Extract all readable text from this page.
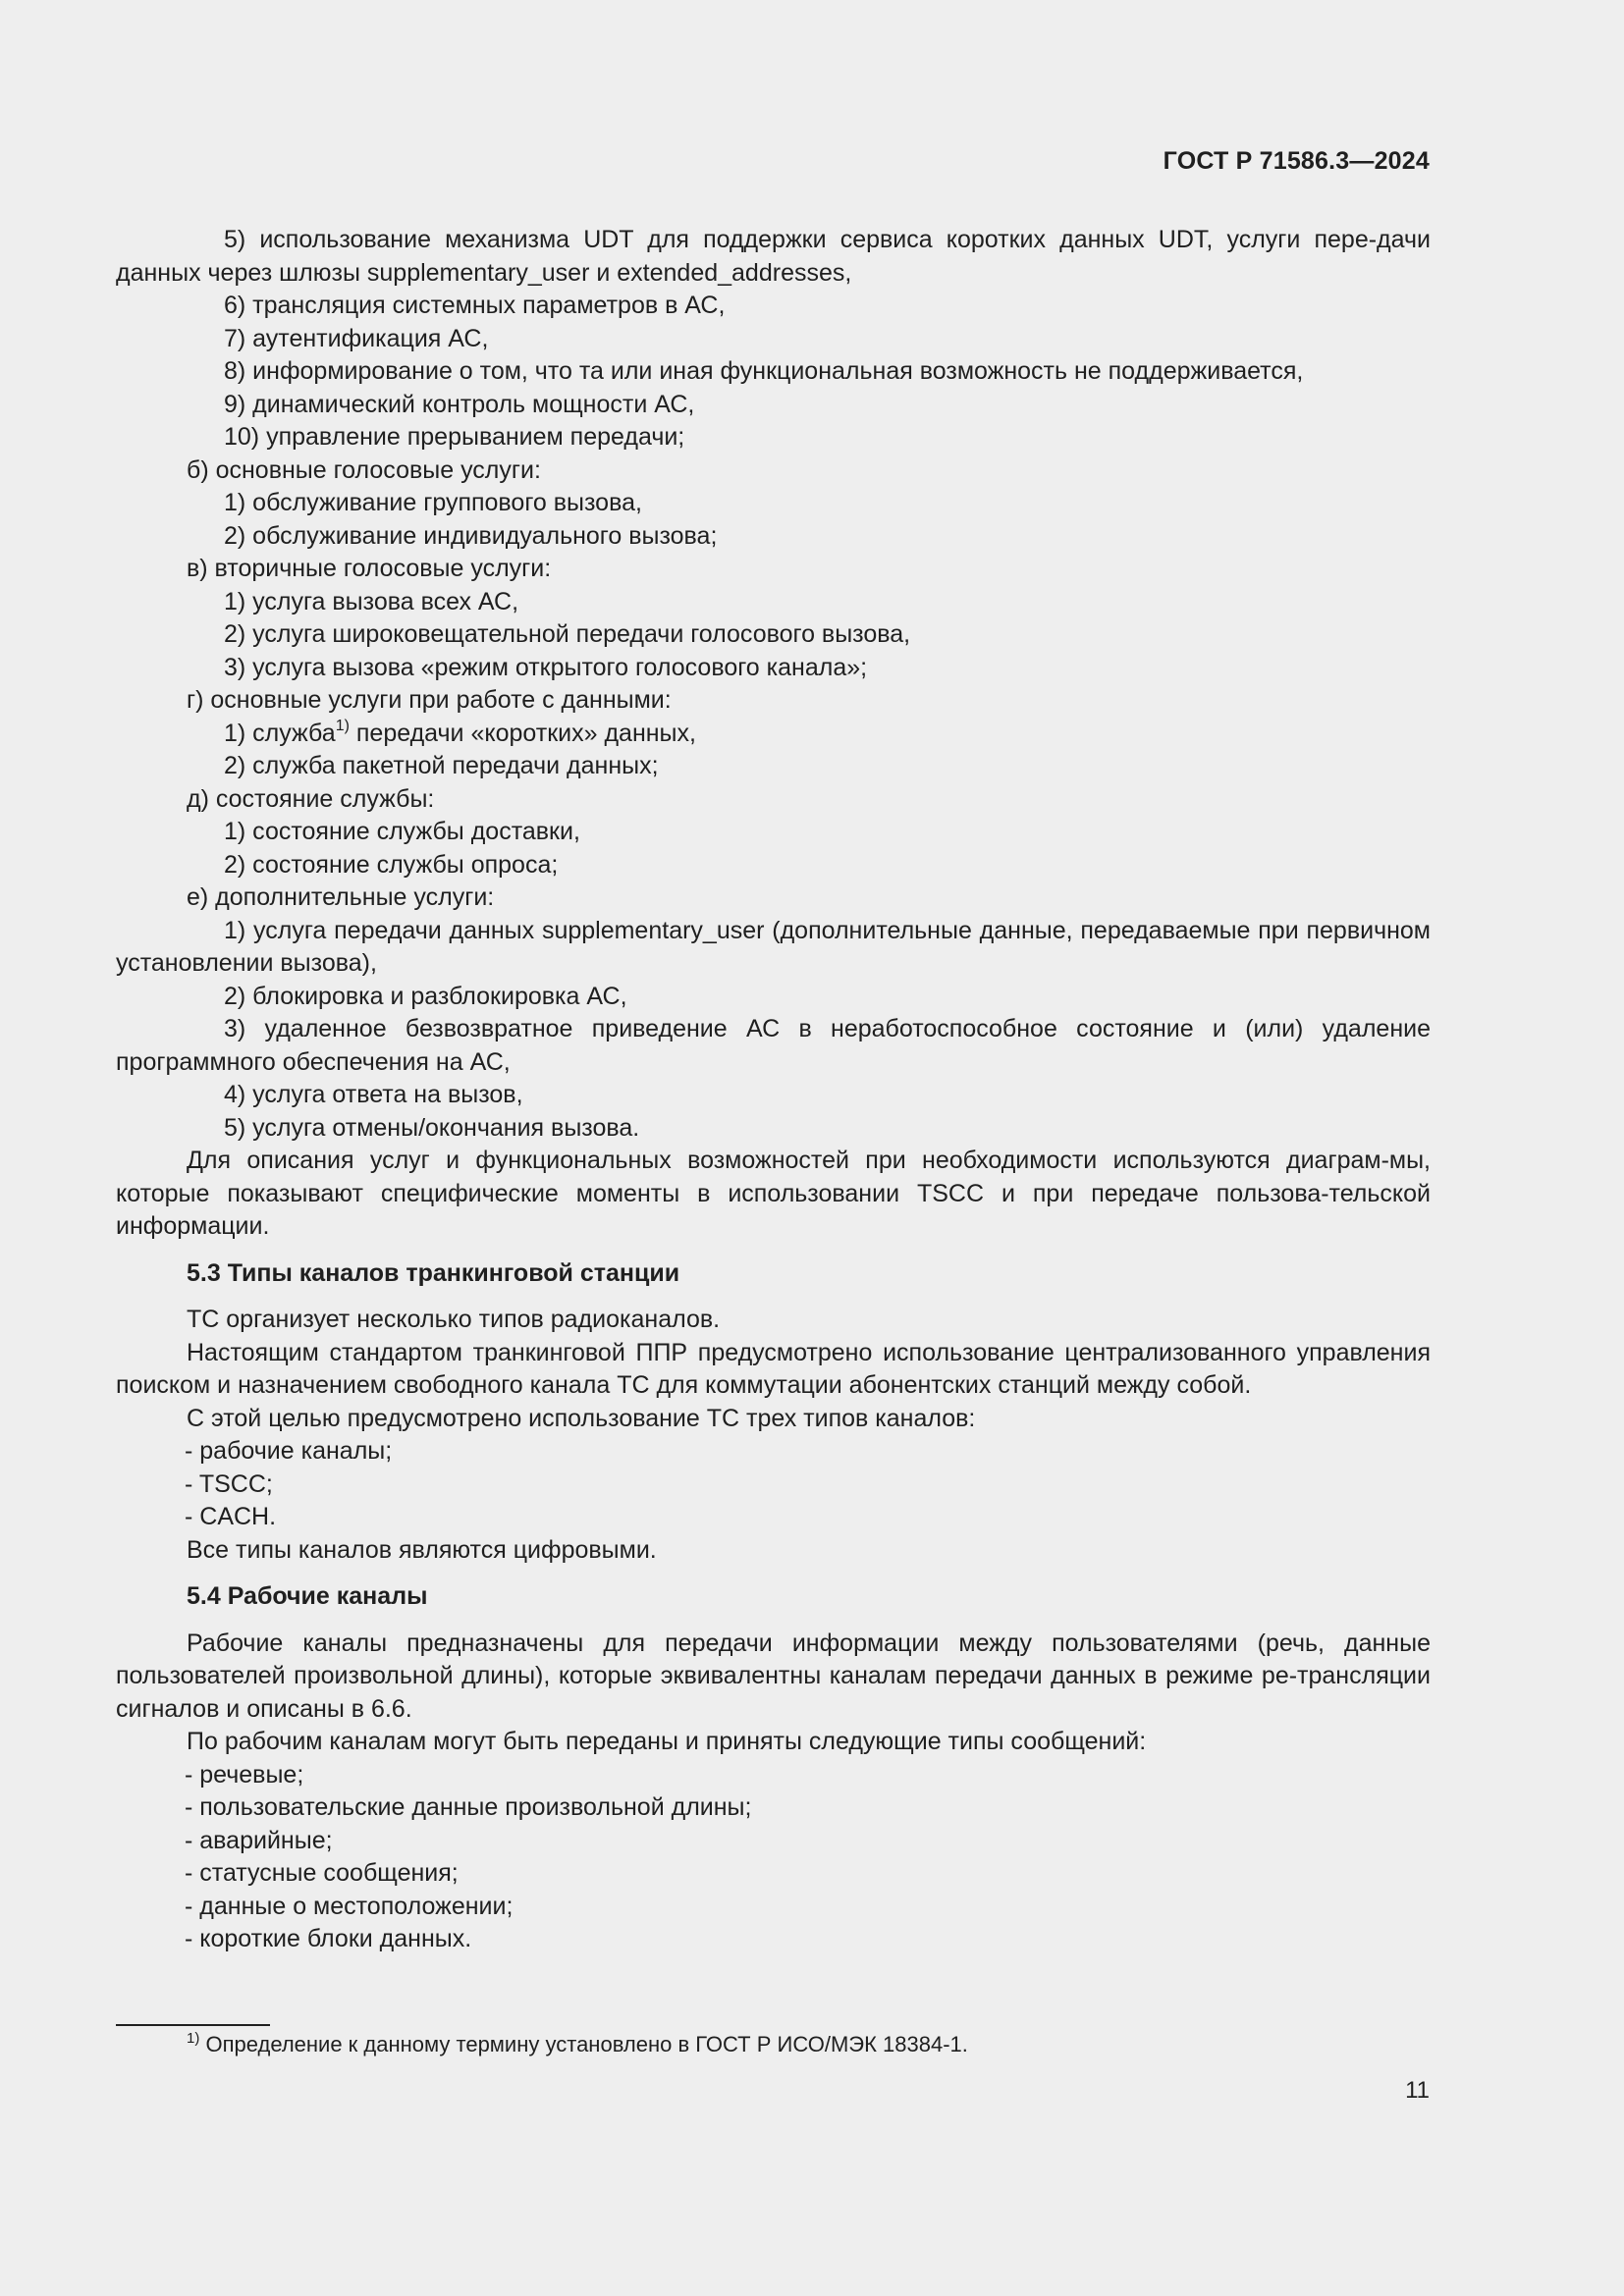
ГОСТ Р 71586.3—2024

5) использование механизма UDT для поддержки сервиса коротких данных UDT, услуги пере-дачи данных через шлюзы supplementary_user и extended_addresses,

6) трансляция системных параметров в АС,

7) аутентификация АС,

8) информирование о том, что та или иная функциональная возможность не поддерживается,

9) динамический контроль мощности АС,

10) управление прерыванием передачи;

б) основные голосовые услуги:

1) обслуживание группового вызова,

2) обслуживание индивидуального вызова;

в) вторичные голосовые услуги:

1) услуга вызова всех АС,

2) услуга широковещательной передачи голосового вызова,

3) услуга вызова «режим открытого голосового канала»;

г) основные услуги при работе с данными:

1) служба$^{1)}$ передачи «коротких» данных,

2) служба пакетной передачи данных;

д) состояние службы:

1) состояние службы доставки,

2) состояние службы опроса;

е) дополнительные услуги:

1) услуга передачи данных supplementary_user (дополнительные данные, передаваемые при первичном установлении вызова),

2) блокировка и разблокировка АС,

3) удаленное безвозвратное приведение АС в неработоспособное состояние и (или) удаление программного обеспечения на АС,

4) услуга ответа на вызов,

5) услуга отмены/окончания вызова.

Для описания услуг и функциональных возможностей при необходимости используются диаграм-мы, которые показывают специфические моменты в использовании TSCC и при передаче пользова-тельской информации.

5.3 Типы каналов транкинговой станции

ТС организует несколько типов радиоканалов.

Настоящим стандартом транкинговой ППР предусмотрено использование централизованного управления поиском и назначением свободного канала ТС для коммутации абонентских станций между собой.

С этой целью предусмотрено использование ТС трех типов каналов:

- рабочие каналы;

- TSCC;

- CACH.

Все типы каналов являются цифровыми.

5.4 Рабочие каналы

Рабочие каналы предназначены для передачи информации между пользователями (речь, данные пользователей произвольной длины), которые эквивалентны каналам передачи данных в режиме ре-трансляции сигналов и описаны в 6.6.

По рабочим каналам могут быть переданы и приняты следующие типы сообщений:

- речевые;

- пользовательские данные произвольной длины;

- аварийные;

- статусные сообщения;

- данные о местоположении;

- короткие блоки данных.

$^{1)}$ Определение к данному термину установлено в ГОСТ Р ИСО/МЭК 18384-1.
11
